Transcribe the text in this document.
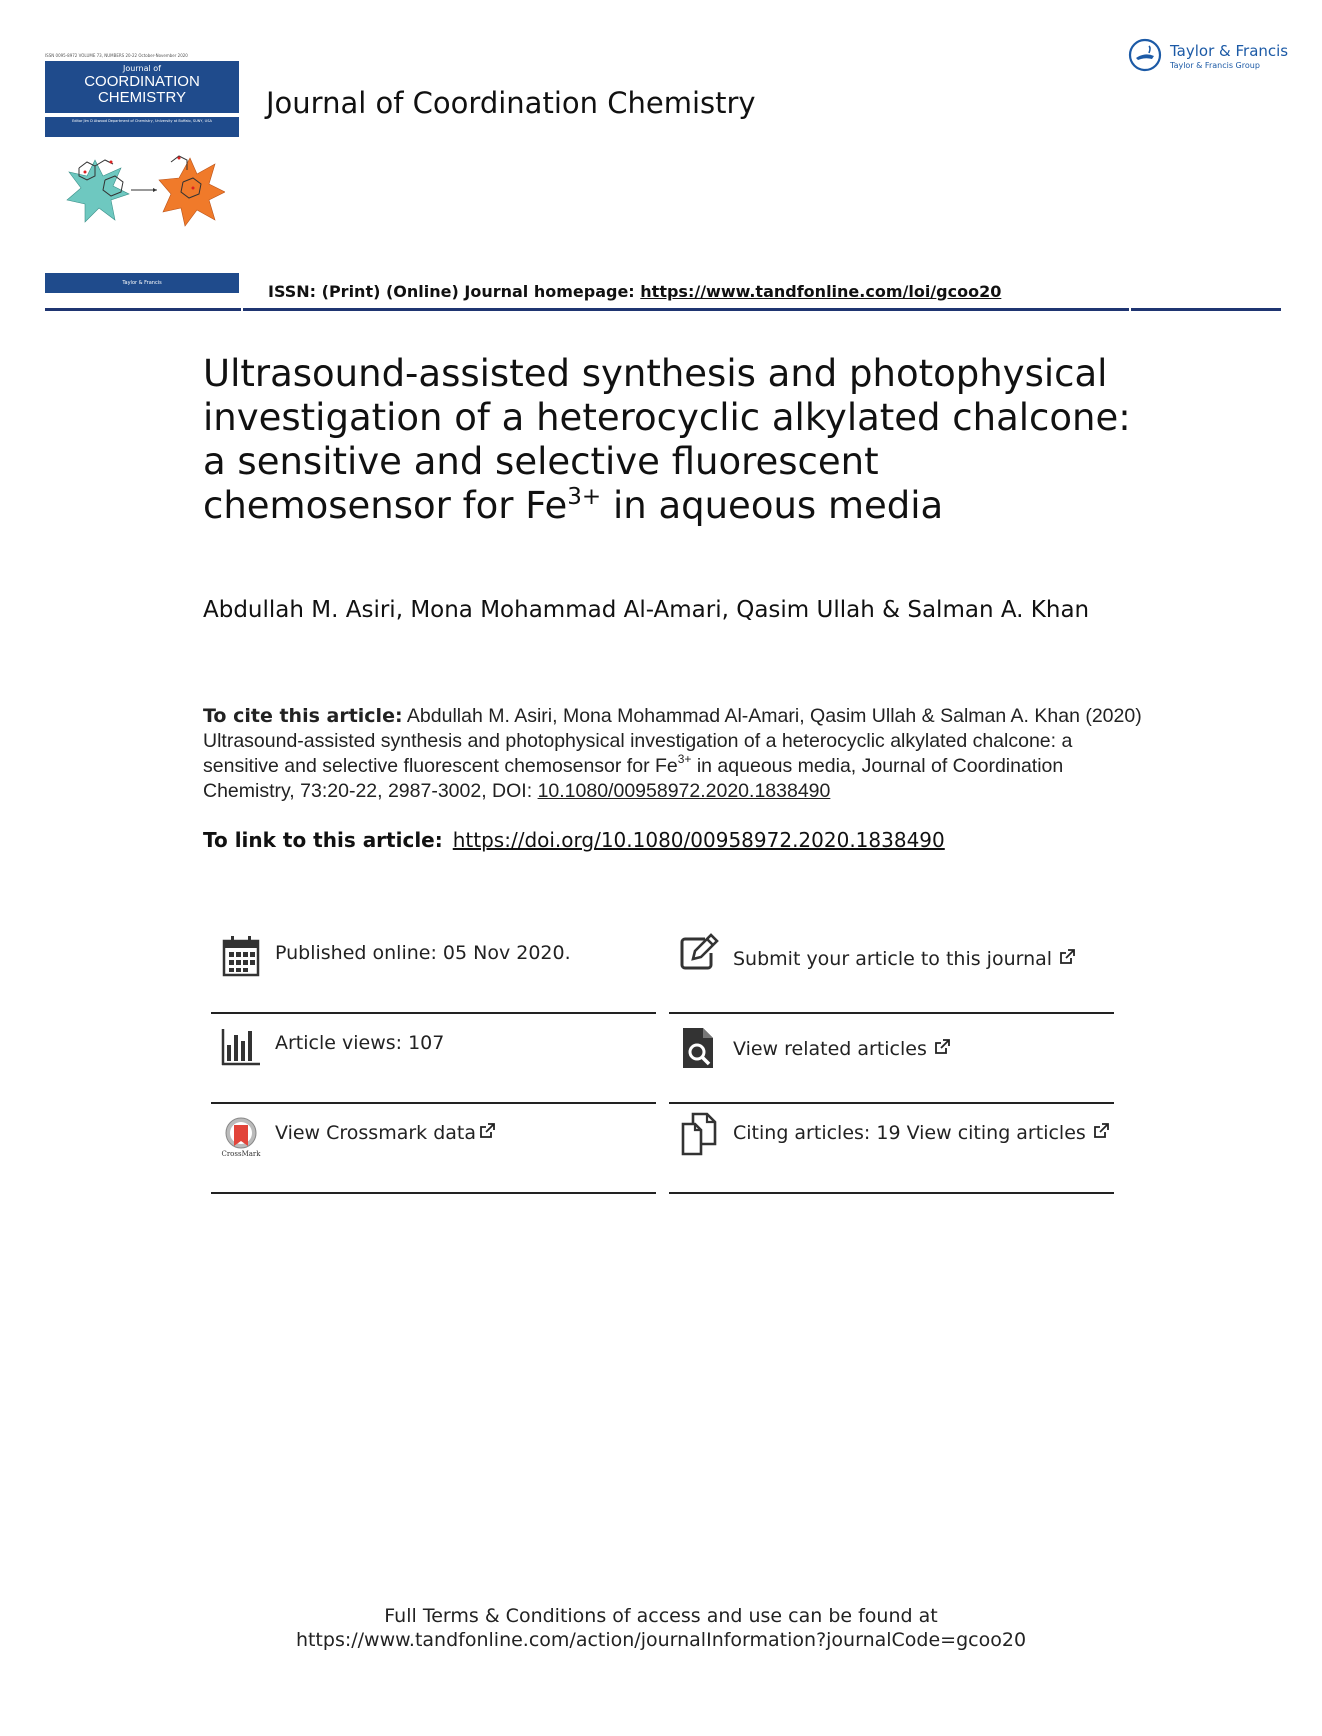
ISSN 0095-8972 VOLUME 73, NUMBERS 20-22 October-November 2020
Journal of
COORDINATION
CHEMISTRY
Editor Jim D Atwood Department of Chemistry, University at Buffalo, SUNY, USA
Taylor & Francis
Journal of Coordination Chemistry
Taylor & Francis
Taylor & Francis Group
ISSN: (Print) (Online) Journal homepage: https://www.tandfonline.com/loi/gcoo20
Ultrasound-assisted synthesis and photophysical investigation of a heterocyclic alkylated chalcone: a sensitive and selective fluorescent chemosensor for $Fe^{3+}$ in aqueous media
Abdullah M. Asiri, Mona Mohammad Al-Amari, Qasim Ullah & Salman A. Khan
To cite this article: Abdullah M. Asiri, Mona Mohammad Al-Amari, Qasim Ullah & Salman A. Khan (2020) Ultrasound-assisted synthesis and photophysical investigation of a heterocyclic alkylated chalcone: a sensitive and selective fluorescent chemosensor for $Fe^{3+}$ in aqueous media, Journal of Coordination Chemistry, 73:20-22, 2987-3002, DOI: 10.1080/00958972.2020.1838490
To link to this article: https://doi.org/10.1080/00958972.2020.1838490
Published online: 05 Nov 2020.	Submit your article to this journal
Article views: 107	View related articles
CrossMark
View Crossmark data	Citing articles: 19 View citing articles
Full Terms & Conditions of access and use can be found at
https://www.tandfonline.com/action/journalInformation?journalCode=gcoo20
